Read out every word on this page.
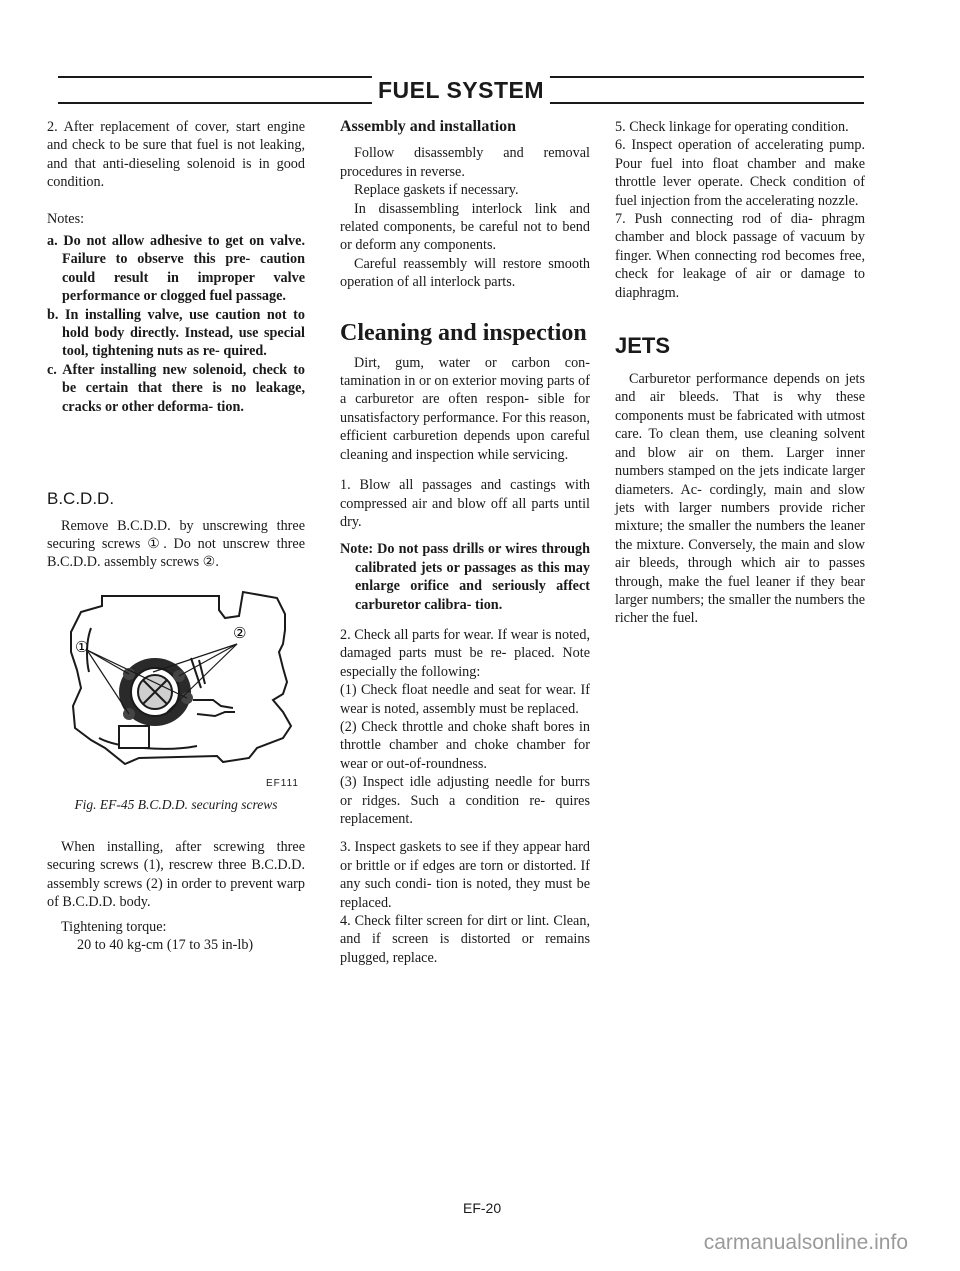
FUEL SYSTEM

2. After replacement of cover, start engine and check to be sure that fuel is not leaking, and that anti-dieseling solenoid is in good condition.

Notes:

a. Do not allow adhesive to get on valve. Failure to observe this pre- caution could result in improper valve performance or clogged fuel passage.
b. In installing valve, use caution not to hold body directly. Instead, use special tool, tightening nuts as re- quired.
c. After installing new solenoid, check to be certain that there is no leakage, cracks or other deforma- tion.
B.C.D.D.

Remove B.C.D.D. by unscrewing three securing screws ①. Do not unscrew three B.C.D.D. assembly screws ②.

①
②
EF111
Fig. EF-45 B.C.D.D. securing screws

When installing, after screwing three securing screws (1), rescrew three B.C.D.D. assembly screws (2) in order to prevent warp of B.C.D.D. body.

Tightening torque:

20 to 40 kg-cm (17 to 35 in-lb)

Assembly and installation

Follow disassembly and removal procedures in reverse.

Replace gaskets if necessary.

In disassembling interlock link and related components, be careful not to bend or deform any components.

Careful reassembly will restore smooth operation of all interlock parts.

Cleaning and inspection

Dirt, gum, water or carbon con- tamination in or on exterior moving parts of a carburetor are often respon- sible for unsatisfactory performance. For this reason, efficient carburetion depends upon careful cleaning and inspection while servicing.

1. Blow all passages and castings with compressed air and blow off all parts until dry.

Note: Do not pass drills or wires through calibrated jets or passages as this may enlarge orifice and seriously affect carburetor calibra- tion.

2. Check all parts for wear. If wear is noted, damaged parts must be re- placed. Note especially the following:

(1) Check float needle and seat for wear. If wear is noted, assembly must be replaced.

(2) Check throttle and choke shaft bores in throttle chamber and choke chamber for wear or out-of-roundness.

(3) Inspect idle adjusting needle for burrs or ridges. Such a condition re- quires replacement.

3. Inspect gaskets to see if they appear hard or brittle or if edges are torn or distorted. If any such condi- tion is noted, they must be replaced.

4. Check filter screen for dirt or lint. Clean, and if screen is distorted or remains plugged, replace.

5. Check linkage for operating condition.

6. Inspect operation of accelerating pump. Pour fuel into float chamber and make throttle lever operate. Check condition of fuel injection from the accelerating nozzle.

7. Push connecting rod of dia- phragm chamber and block passage of vacuum by finger. When connecting rod becomes free, check for leakage of air or damage to diaphragm.

JETS

Carburetor performance depends on jets and air bleeds. That is why these components must be fabricated with utmost care. To clean them, use cleaning solvent and blow air on them. Larger inner numbers stamped on the jets indicate larger diameters. Ac- cordingly, main and slow jets with larger numbers provide richer mixture; the smaller the numbers the leaner the mixture. Conversely, the main and slow air bleeds, through which air to passes through, make the fuel leaner if they bear larger numbers; the smaller the numbers the richer the fuel.

EF-20
carmanualsonline.info
